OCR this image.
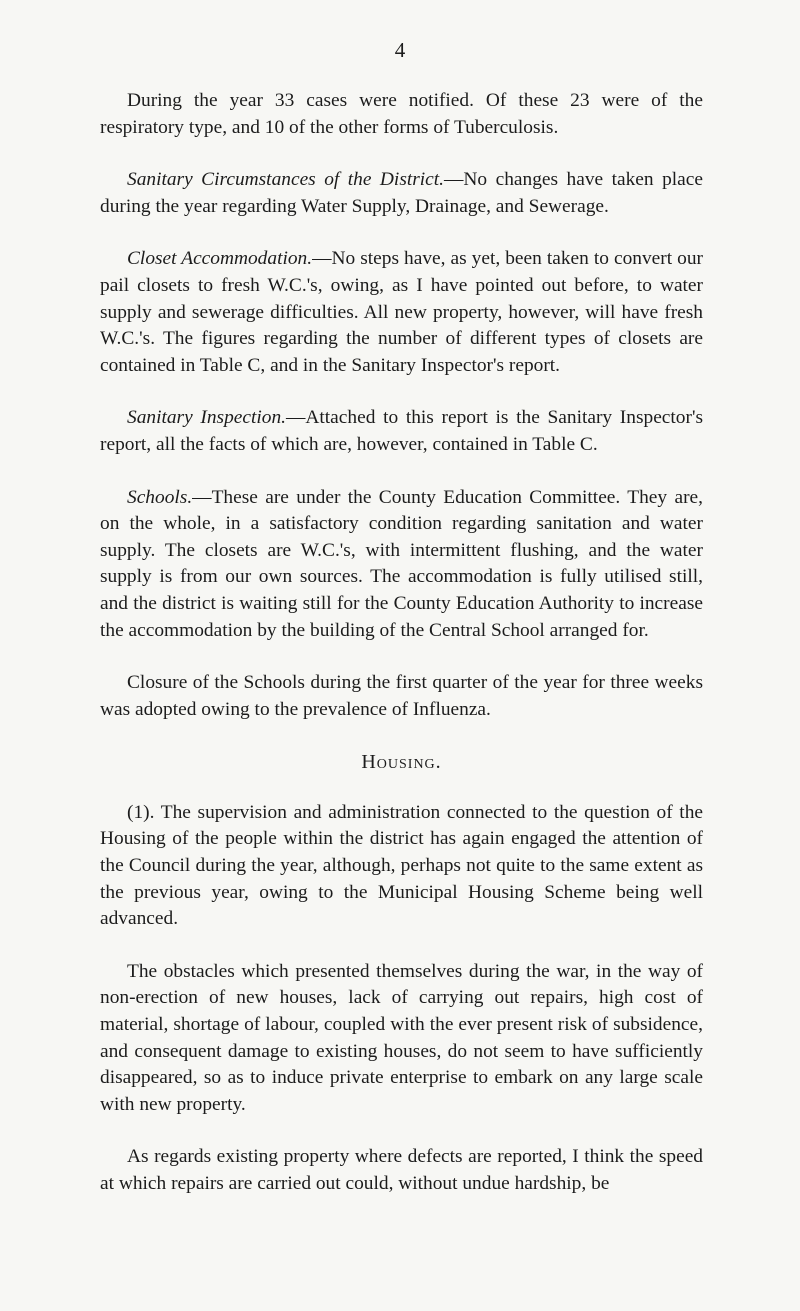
4

During the year 33 cases were notified. Of these 23 were of the respiratory type, and 10 of the other forms of Tuberculosis.

Sanitary Circumstances of the District.—No changes have taken place during the year regarding Water Supply, Drainage, and Sewerage.

Closet Accommodation.—No steps have, as yet, been taken to convert our pail closets to fresh W.C.'s, owing, as I have pointed out before, to water supply and sewerage difficulties. All new property, however, will have fresh W.C.'s. The figures regarding the number of different types of closets are contained in Table C, and in the Sanitary Inspector's report.

Sanitary Inspection.—Attached to this report is the Sanitary Inspector's report, all the facts of which are, however, contained in Table C.

Schools.—These are under the County Education Committee. They are, on the whole, in a satisfactory condition regarding sanitation and water supply. The closets are W.C.'s, with intermittent flushing, and the water supply is from our own sources. The accommodation is fully utilised still, and the district is waiting still for the County Education Authority to increase the accommodation by the building of the Central School arranged for.

Closure of the Schools during the first quarter of the year for three weeks was adopted owing to the prevalence of Influenza.

Housing.

(1). The supervision and administration connected to the question of the Housing of the people within the district has again engaged the attention of the Council during the year, although, perhaps not quite to the same extent as the previous year, owing to the Municipal Housing Scheme being well advanced.

The obstacles which presented themselves during the war, in the way of non-erection of new houses, lack of carrying out repairs, high cost of material, shortage of labour, coupled with the ever present risk of subsidence, and consequent damage to existing houses, do not seem to have sufficiently disappeared, so as to induce private enterprise to embark on any large scale with new property.

As regards existing property where defects are reported, I think the speed at which repairs are carried out could, without undue hardship, be
